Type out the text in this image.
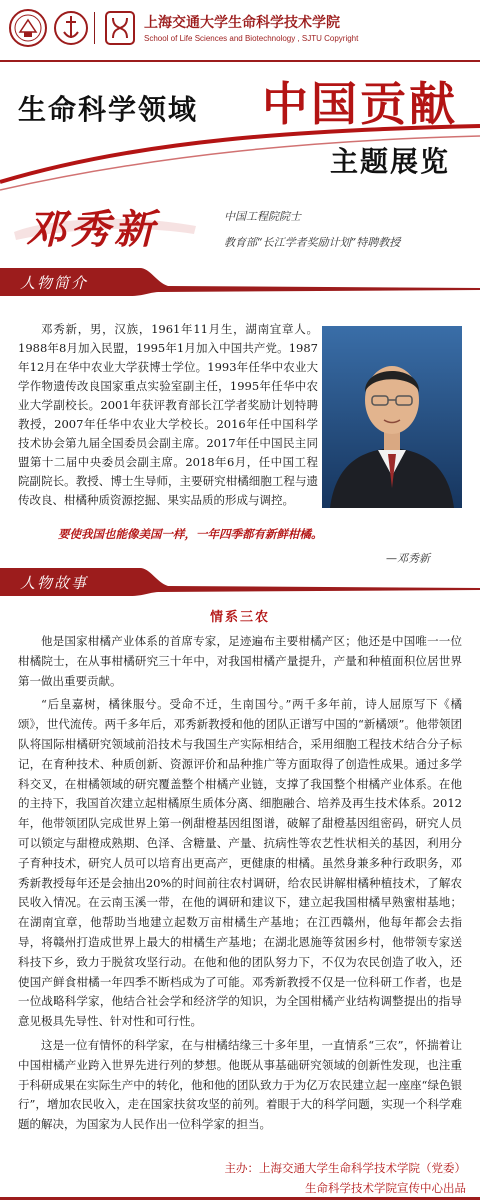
上海交通大学生命科学技术学院
School of Life Sciences and Biotechnology , SJTU Copyright
生命科学领域 中国贡献
主题展览
邓秀新	中国工程院院士
教育部“长江学者奖励计划”特聘教授
人物简介
邓秀新，男，汉族，1961年11月生，湖南宜章人。1988年8月加入民盟，1995年1月加入中国共产党。1987年12月在华中农业大学获博士学位。1993年任华中农业大学作物遗传改良国家重点实验室副主任，1995年任华中农业大学副校长。2001年获评教育部长江学者奖励计划特聘教授，2007年任华中农业大学校长。2016年任中国科学技术协会第九届全国委员会副主席。2017年任中国民主同盟第十二届中央委员会副主席。2018年6月，任中国工程院副院长。教授、博士生导师，主要研究柑橘细胞工程与遗传改良、柑橘种质资源挖掘、果实品质的形成与调控。
要使我国也能像美国一样，一年四季都有新鲜柑橘。
—邓秀新
人物故事
情系三农

他是国家柑橘产业体系的首席专家，足迹遍布主要柑橘产区；他还是中国唯一一位柑橘院士，在从事柑橘研究三十年中，对我国柑橘产量提升，产量和种植面积位居世界第一做出重要贡献。

“后皇嘉树，橘徕服兮。受命不迁，生南国兮。”两千多年前，诗人屈原写下《橘颂》，世代流传。两千多年后，邓秀新教授和他的团队正谱写中国的“新橘颂”。他带领团队将国际柑橘研究领域前沿技术与我国生产实际相结合，采用细胞工程技术结合分子标记，在育种技术、种质创新、资源评价和品种推广等方面取得了创造性成果。通过多学科交叉，在柑橘领域的研究覆盖整个柑橘产业链，支撑了我国整个柑橘产业体系。在他的主持下，我国首次建立起柑橘原生质体分离、细胞融合、培养及再生技术体系。2012年，他带领团队完成世界上第一例甜橙基因组图谱，破解了甜橙基因组密码，研究人员可以锁定与甜橙成熟期、色泽、含糖量、产量、抗病性等农艺性状相关的基因，利用分子育种技术，研究人员可以培育出更高产，更健康的柑橘。虽然身兼多种行政职务，邓秀新教授每年还是会抽出20%的时间前往农村调研，给农民讲解柑橘种植技术，了解农民收入情况。在云南玉溪一带，在他的调研和建议下，建立起我国柑橘早熟蜜柑基地；在湖南宜章，他帮助当地建立起数万亩柑橘生产基地；在江西赣州，他每年都会去指导，将赣州打造成世界上最大的柑橘生产基地；在湖北恩施等贫困乡村，他带领专家送科技下乡，致力于脱贫攻坚行动。在他和他的团队努力下，不仅为农民创造了收入，还使国产鲜食柑橘一年四季不断档成为了可能。邓秀新教授不仅是一位科研工作者，也是一位战略科学家，他结合社会学和经济学的知识，为全国柑橘产业结构调整提出的指导意见极具先导性、针对性和可行性。

这是一位有情怀的科学家，在与柑橘结缘三十多年里，一直情系“三农”，怀揣着让中国柑橘产业跨入世界先进行列的梦想。他既从事基础研究领域的创新性发现，也注重于科研成果在实际生产中的转化，他和他的团队致力于为亿万农民建立起一座座“绿色银行”，增加农民收入，走在国家扶贫攻坚的前列。着眼于大的科学问题，实现一个科学难题的解决，为国家为人民作出一位科学家的担当。

主办：上海交通大学生命科学技术学院（党委）
生命科学技术学院宣传中心出品
